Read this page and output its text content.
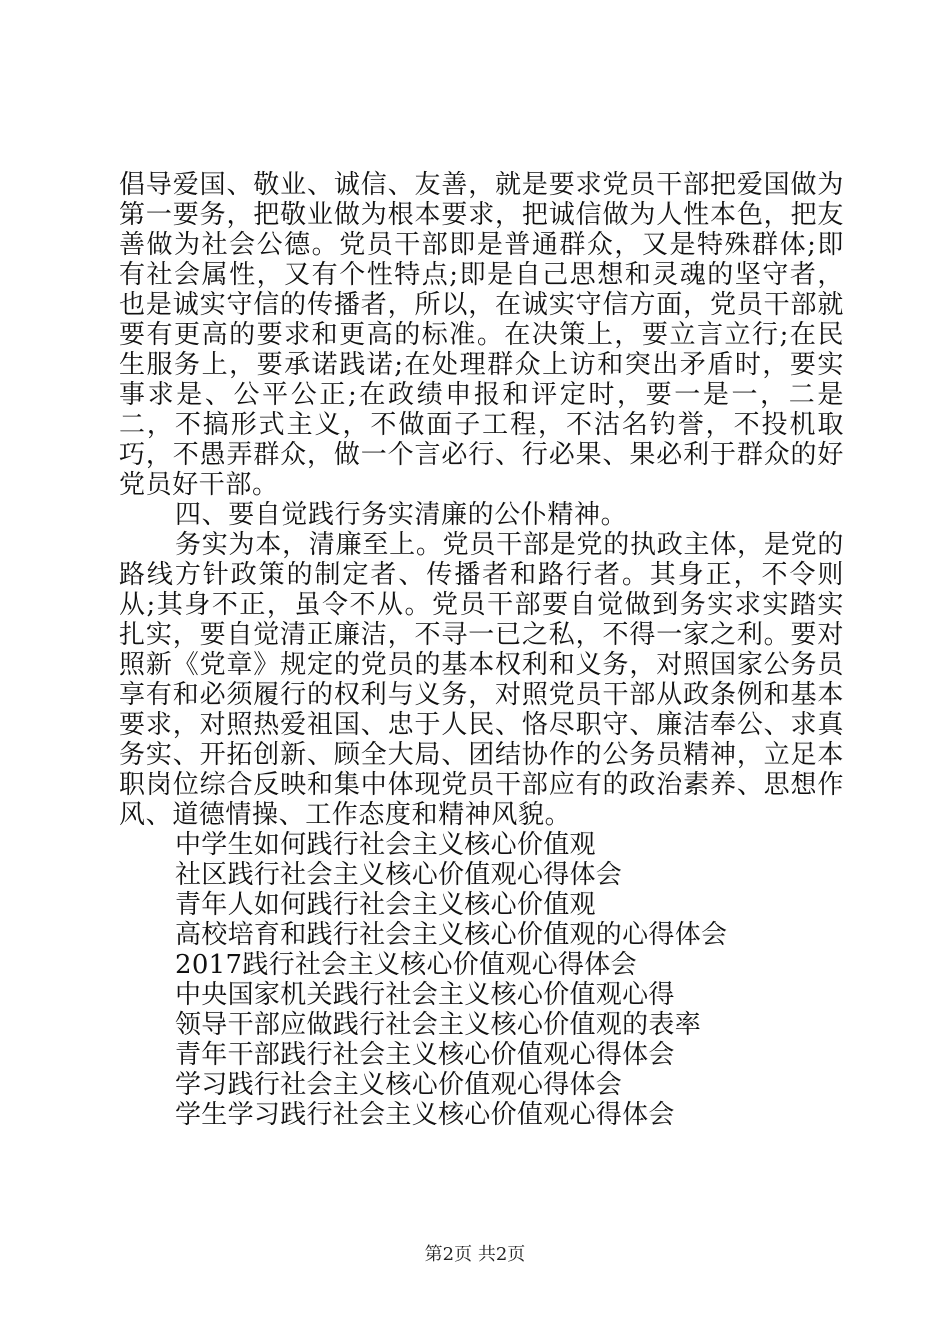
倡导爱国、敬业、诚信、友善，就是要求党员干部把爱国做为第一要务，把敬业做为根本要求，把诚信做为人性本色，把友善做为社会公德。党员干部即是普通群众，又是特殊群体;即有社会属性，又有个性特点;即是自己思想和灵魂的坚守者，也是诚实守信的传播者，所以，在诚实守信方面，党员干部就要有更高的要求和更高的标准。在决策上，要立言立行;在民生服务上，要承诺践诺;在处理群众上访和突出矛盾时，要实事求是、公平公正;在政绩申报和评定时，要一是一，二是二，不搞形式主义，不做面子工程，不沽名钓誉，不投机取巧，不愚弄群众，做一个言必行、行必果、果必利于群众的好党员好干部。

四、要自觉践行务实清廉的公仆精神。

务实为本，清廉至上。党员干部是党的执政主体，是党的路线方针政策的制定者、传播者和路行者。其身正，不令则从;其身不正，虽令不从。党员干部要自觉做到务实求实踏实扎实，要自觉清正廉洁，不寻一已之私，不得一家之利。要对照新《党章》规定的党员的基本权利和义务，对照国家公务员享有和必须履行的权利与义务，对照党员干部从政条例和基本要求，对照热爱祖国、忠于人民、恪尽职守、廉洁奉公、求真务实、开拓创新、顾全大局、团结协作的公务员精神，立足本职岗位综合反映和集中体现党员干部应有的政治素养、思想作风、道德情操、工作态度和精神风貌。

中学生如何践行社会主义核心价值观
社区践行社会主义核心价值观心得体会
青年人如何践行社会主义核心价值观
高校培育和践行社会主义核心价值观的心得体会
2017践行社会主义核心价值观心得体会
中央国家机关践行社会主义核心价值观心得
领导干部应做践行社会主义核心价值观的表率
青年干部践行社会主义核心价值观心得体会
学习践行社会主义核心价值观心得体会
学生学习践行社会主义核心价值观心得体会
第2页 共2页
